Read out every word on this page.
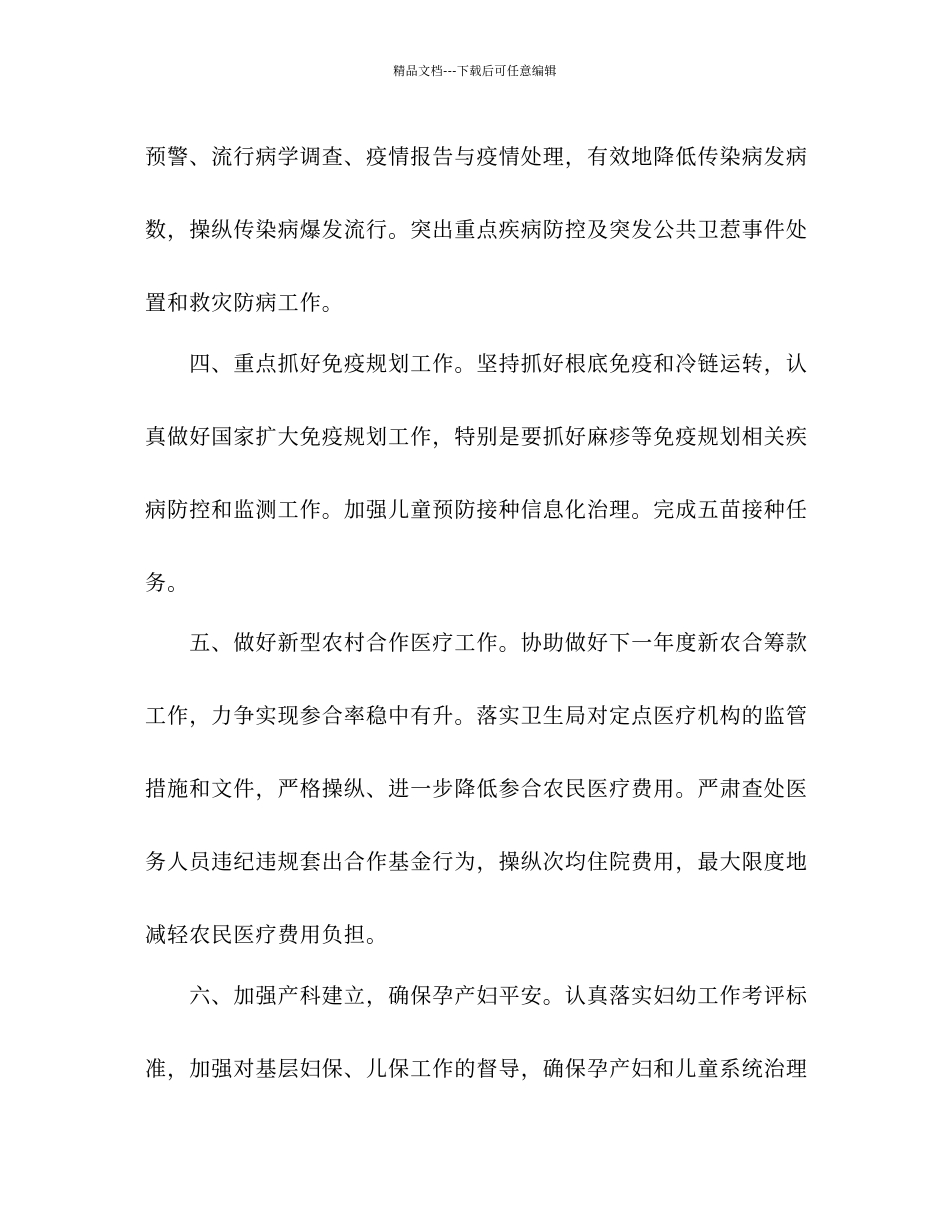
精品文档---下载后可任意编辑
预警、流行病学调查、疫情报告与疫情处理，有效地降低传染病发病
数，操纵传染病爆发流行。突出重点疾病防控及突发公共卫惹事件处
置和救灾防病工作。
　　四、重点抓好免疫规划工作。坚持抓好根底免疫和冷链运转，认
真做好国家扩大免疫规划工作，特别是要抓好麻疹等免疫规划相关疾
病防控和监测工作。加强儿童预防接种信息化治理。完成五苗接种任
务。
　　五、做好新型农村合作医疗工作。协助做好下一年度新农合筹款
工作，力争实现参合率稳中有升。落实卫生局对定点医疗机构的监管
措施和文件，严格操纵、进一步降低参合农民医疗费用。严肃查处医
务人员违纪违规套出合作基金行为，操纵次均住院费用，最大限度地
减轻农民医疗费用负担。
　　六、加强产科建立，确保孕产妇平安。认真落实妇幼工作考评标
准，加强对基层妇保、儿保工作的督导，确保孕产妇和儿童系统治理
